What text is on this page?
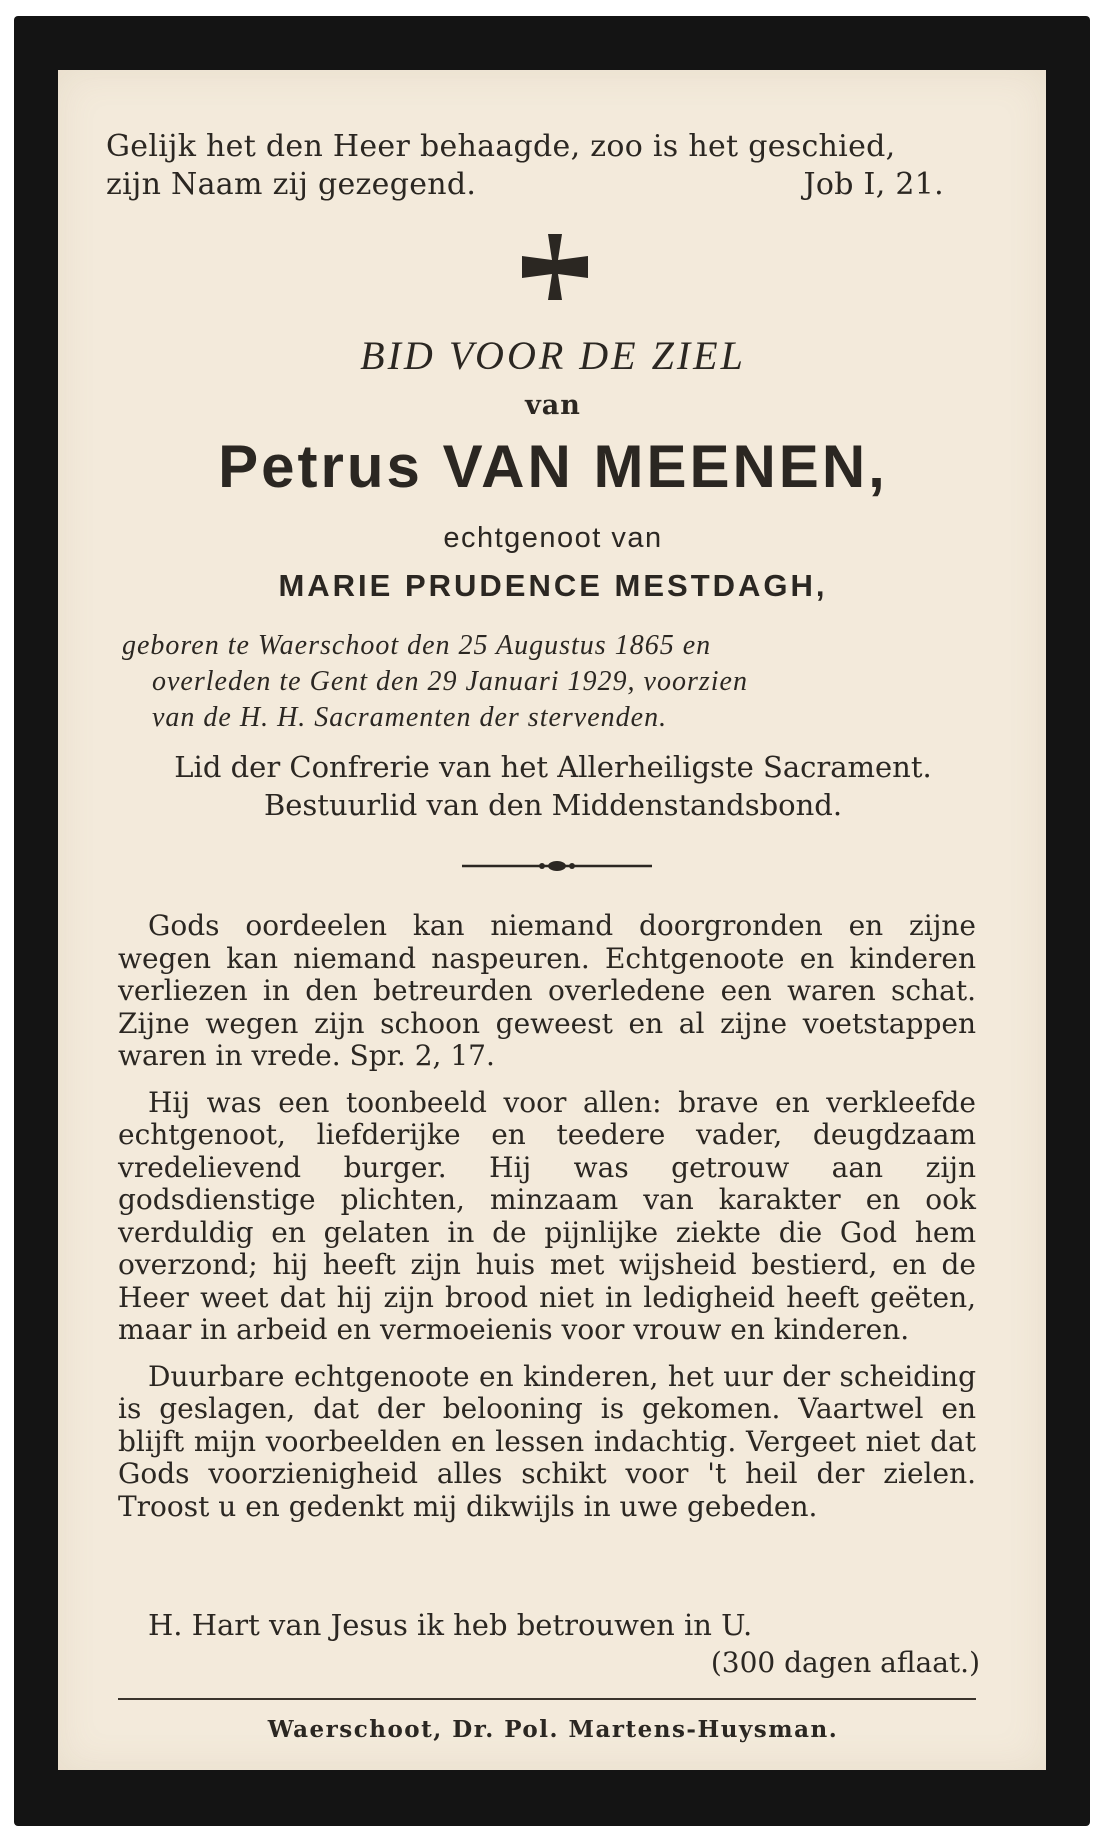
Gelijk het den Heer behaagde, zoo is het geschied,
zijn Naam zij gezegend.	Job I, 21.
BID VOOR DE ZIEL
van
Petrus VAN MEENEN,
echtgenoot van
MARIE PRUDENCE MESTDAGH,
geboren te Waerschoot den 25 Augustus 1865 en
overleden te Gent den 29 Januari 1929, voorzien
van de H. H. Sacramenten der stervenden.
Lid der Confrerie van het Allerheiligste Sacrament.
Bestuurlid van den Middenstandsbond.

Gods oordeelen kan niemand doorgronden en zijne wegen kan niemand naspeuren. Echtgenoote en kinderen verliezen in den betreurden overledene een waren schat. Zijne wegen zijn schoon geweest en al zijne voetstappen waren in vrede. Spr. 2, 17.

Hij was een toonbeeld voor allen: brave en verkleefde echtgenoot, liefderijke en teedere vader, deugdzaam vredelievend burger. Hij was getrouw aan zijn godsdienstige plichten, minzaam van karakter en ook verduldig en gelaten in de pijnlijke ziekte die God hem overzond; hij heeft zijn huis met wijsheid bestierd, en de Heer weet dat hij zijn brood niet in ledigheid heeft geëten, maar in arbeid en vermoeienis voor vrouw en kinderen.

Duurbare echtgenoote en kinderen, het uur der scheiding is geslagen, dat der belooning is gekomen. Vaartwel en blijft mijn voorbeelden en lessen indachtig. Vergeet niet dat Gods voorzienigheid alles schikt voor 't heil der zielen. Troost u en gedenkt mij dikwijls in uwe gebeden.

H. Hart van Jesus ik heb betrouwen in U.
(300 dagen aflaat.)
Waerschoot, Dr. Pol. Martens-Huysman.
